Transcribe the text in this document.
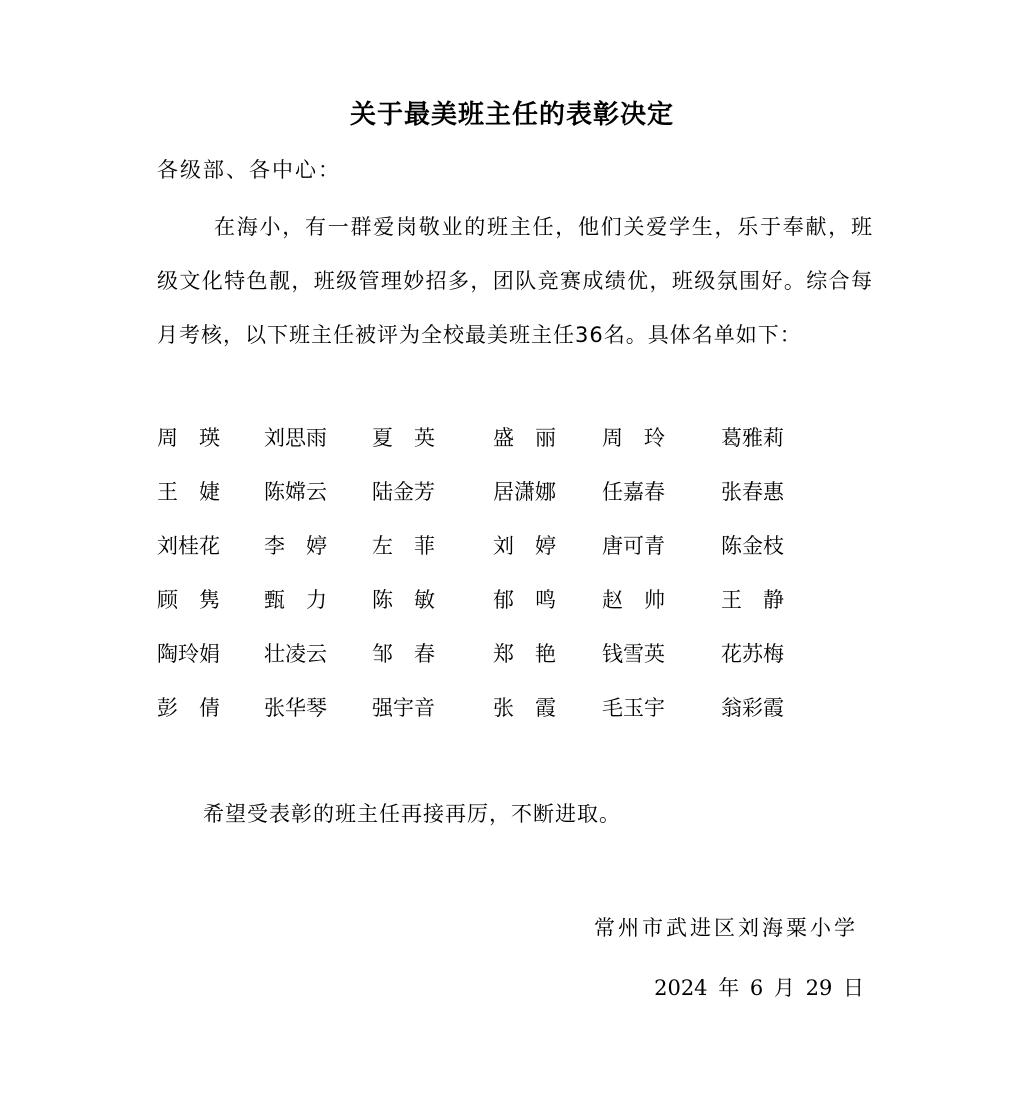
关于最美班主任的表彰决定
各级部、各中心：
在海小，有一群爱岗敬业的班主任，他们关爱学生，乐于奉献，班级文化特色靓，班级管理妙招多，团队竞赛成绩优，班级氛围好。综合每月考核，以下班主任被评为全校最美班主任36名。具体名单如下：
周　瑛 刘思雨 夏　英	盛　丽 周　玲	葛雅莉
王　婕 陈嫦云 陆金芳	居潇娜 任嘉春	张春惠
刘桂花 李　婷 左　菲	刘　婷 唐可青	陈金枝
顾　隽 甄　力 陈　敏	郁　鸣 赵　帅	王　静
陶玲娟 壮凌云 邹　春	郑　艳 钱雪英	花苏梅
彭　倩 张华琴 强宇音	张　霞 毛玉宇	翁彩霞
希望受表彰的班主任再接再厉，不断进取。
常州市武进区刘海粟小学
2024 年 6 月 29 日
